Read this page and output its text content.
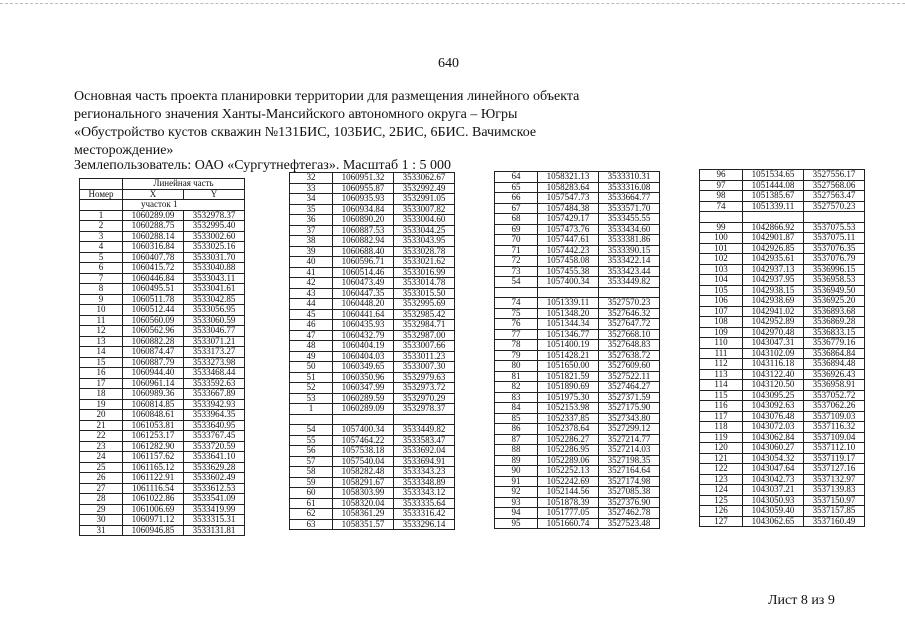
640
Основная часть проекта планировки территории для размещения линейного объекта регионального значения Ханты-Мансийского автономного округа – Югры «Обустройство кустов скважин №131БИС, 103БИС, 2БИС, 6БИС. Вачимское месторождение»
Землепользователь: ОАО «Сургутнефтегаз». Масштаб 1 : 5 000
	Линейная часть	
Номер	X	Y
	участок 1	
1	1060289.09	3532978.37
2	1060288.75	3532995.40
3	1060288.14	3533002.60
4	1060316.84	3533025.16
5	1060407.78	3533031.70
6	1060415.72	3533040.88
7	1060446.84	3533043.11
8	1060495.51	3533041.61
9	1060511.78	3533042.85
10	1060512.44	3533056.95
11	1060560.09	3533060.59
12	1060562.96	3533046.77
13	1060882.28	3533071.21
14	1060874.47	3533173.27
15	1060887.79	3533273.98
16	1060944.40	3533468.44
17	1060961.14	3533592.63
18	1060989.36	3533667.89
19	1060814.85	3533942.93
20	1060848.61	3533964.35
21	1061053.81	3533640.95
22	1061253.17	3533767.45
23	1061282.90	3533720.59
24	1061157.62	3533641.10
25	1061165.12	3533629.28
26	1061122.91	3533602.49
27	1061116.54	3533612.53
28	1061022.86	3533541.09
29	1061006.69	3533419.99
30	1060971.12	3533315.31
31	1060946.85	3533131.81
32	1060951.32	3533062.67
33	1060955.87	3532992.49
34	1060935.93	3532991.05
35	1060934.84	3533007.82
36	1060890.20	3533004.60
37	1060887.53	3533044.25
38	1060882.94	3533043.95
39	1060688.40	3533028.78
40	1060596.71	3533021.62
41	1060514.46	3533016.99
42	1060473.49	3533014.78
43	1060447.35	3533015.50
44	1060448.20	3532995.69
45	1060441.64	3532985.42
46	1060435.93	3532984.71
47	1060432.79	3532987.00
48	1060404.19	3533007.66
49	1060404.03	3533011.23
50	1060349.65	3533007.30
51	1060350.96	3532979.63
52	1060347.99	3532973.72
53	1060289.59	3532970.29
1	1060289.09	3532978.37

54	1057400.34	3533449.82
55	1057464.22	3533583.47
56	1057538.18	3533692.04
57	1057540.04	3533694.91
58	1058282.48	3533343.23
59	1058291.67	3533348.89
60	1058303.99	3533343.12
61	1058320.04	3533335.64
62	1058361.29	3533316.42
63	1058351.57	3533296.14
64	1058321.13	3533310.31
65	1058283.64	3533316.08
66	1057547.73	3533664.77
67	1057484.38	3533571.70
68	1057429.17	3533455.55
69	1057473.76	3533434.60
70	1057447.61	3533381.86
71	1057442.23	3533390.15
72	1057458.08	3533422.14
73	1057455.38	3533423.44
54	1057400.34	3533449.82

74	1051339.11	3527570.23
75	1051348.20	3527646.32
76	1051344.34	3527647.72
77	1051346.77	3527668.10
78	1051400.19	3527648.83
79	1051428.21	3527638.72
80	1051650.00	3527609.60
81	1051821.59	3527522.11
82	1051890.69	3527464.27
83	1051975.30	3527371.59
84	1052153.98	3527175.90
85	1052337.85	3527343.80
86	1052378.64	3527299.12
87	1052286.27	3527214.77
88	1052286.95	3527214.03
89	1052289.06	3527198.35
90	1052252.13	3527164.64
91	1052242.69	3527174.98
92	1052144.56	3527085.38
93	1051878.39	3527376.90
94	1051777.05	3527462.78
95	1051660.74	3527523.48
96	1051534.65	3527556.17
97	1051444.08	3527568.06
98	1051385.67	3527563.47
74	1051339.11	3527570.23

99	1042866.92	3537075.53
100	1042901.87	3537075.11
101	1042926.85	3537076.35
102	1042935.61	3537076.79
103	1042937.13	3536996.15
104	1042937.95	3536958.53
105	1042938.15	3536949.50
106	1042938.69	3536925.20
107	1042941.02	3536893.68
108	1042952.89	3536869.28
109	1042970.48	3536833.15
110	1043047.31	3536779.16
111	1043102.09	3536864.84
112	1043116.18	3536894.48
113	1043122.40	3536926.43
114	1043120.50	3536958.91
115	1043095.25	3537052.72
116	1043092.63	3537062.26
117	1043076.48	3537109.03
118	1043072.03	3537116.32
119	1043062.84	3537109.04
120	1043060.27	3537112.10
121	1043054.32	3537119.17
122	1043047.64	3537127.16
123	1043042.73	3537132.97
124	1043037.21	3537139.83
125	1043050.93	3537150.97
126	1043059.40	3537157.85
127	1043062.65	3537160.49
Лист 8 из 9
